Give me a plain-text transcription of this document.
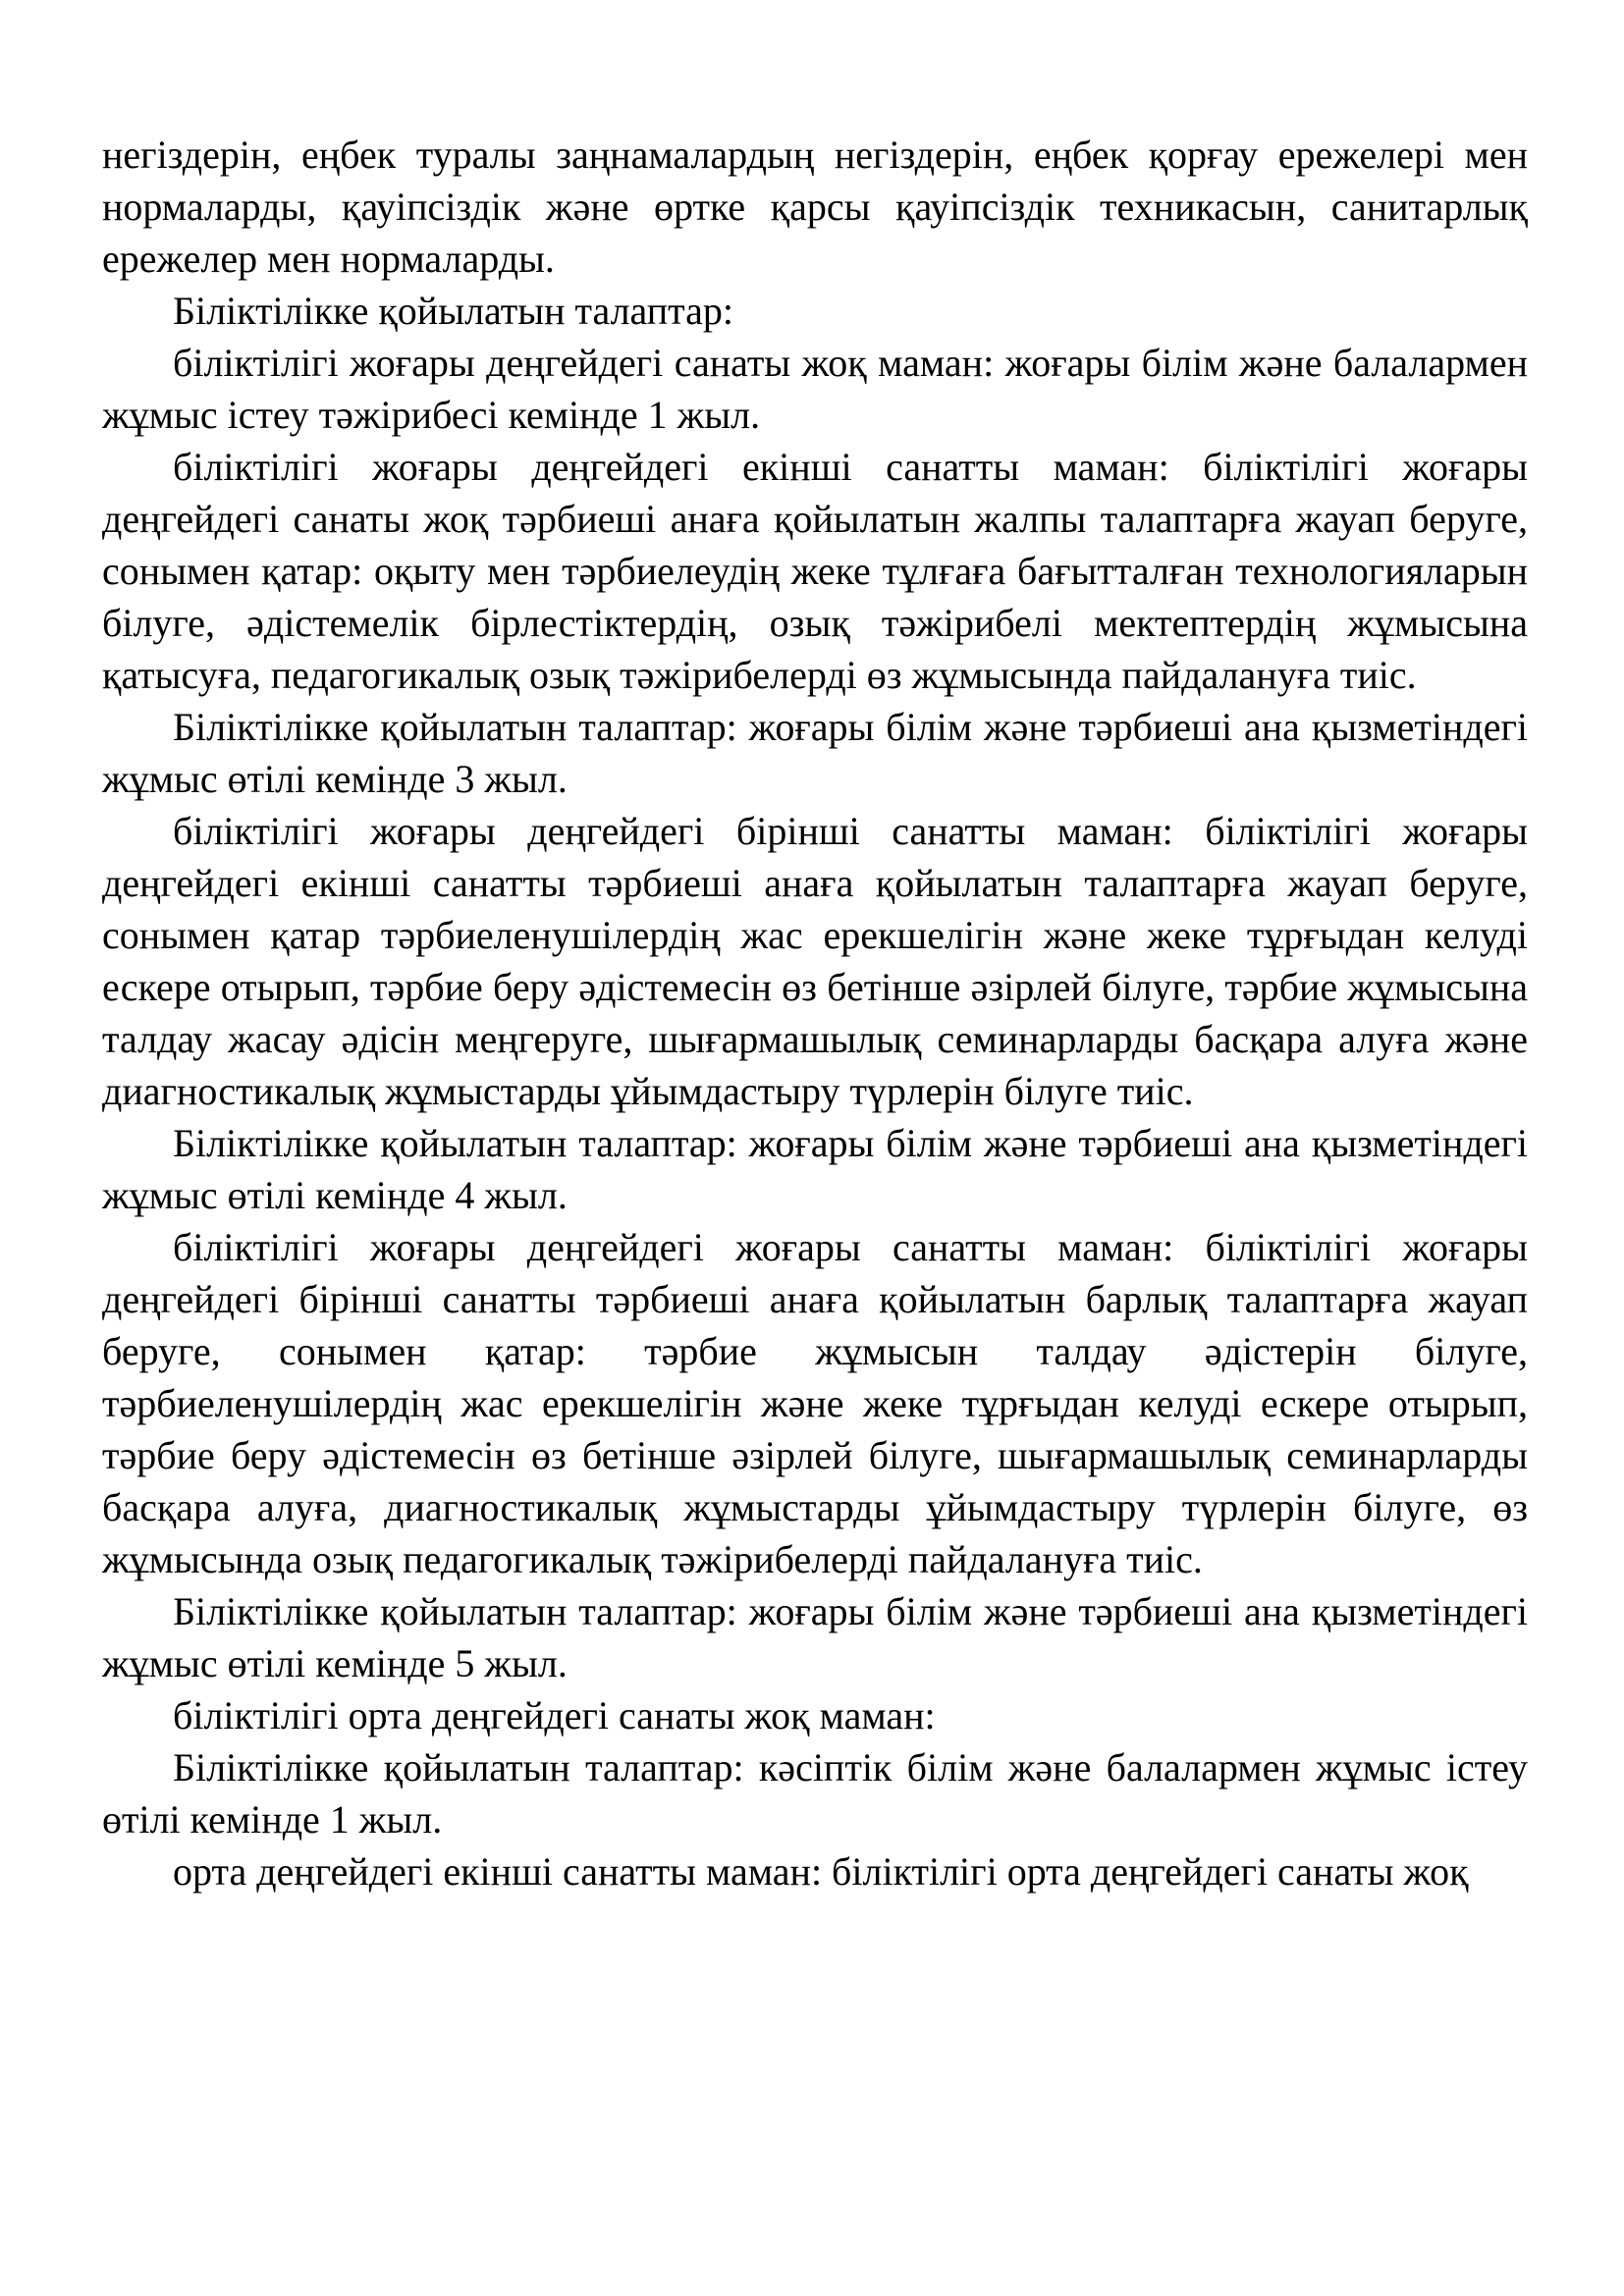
негіздерін, еңбек туралы заңнамалардың негіздерін, еңбек қорғау ережелері мен нормаларды, қауіпсіздік және өртке қарсы қауіпсіздік техникасын, санитарлық ережелер мен нормаларды.

Біліктілікке қойылатын талаптар:

біліктілігі жоғары деңгейдегі санаты жоқ маман: жоғары білім және балалармен жұмыс істеу тәжірибесі кемінде 1 жыл.

біліктілігі жоғары деңгейдегі екінші санатты маман: біліктілігі жоғары деңгейдегі санаты жоқ тәрбиеші анаға қойылатын жалпы талаптарға жауап беруге, сонымен қатар: оқыту мен тәрбиелеудің жеке тұлғаға бағытталған технологияларын білуге, әдістемелік бірлестіктердің, озық тәжірибелі мектептердің жұмысына қатысуға, педагогикалық озық тәжірибелерді өз жұмысында пайдалануға тиіс.

Біліктілікке қойылатын талаптар: жоғары білім және тәрбиеші ана қызметіндегі жұмыс өтілі кемінде 3 жыл.

біліктілігі жоғары деңгейдегі бірінші санатты маман: біліктілігі жоғары деңгейдегі екінші санатты тәрбиеші анаға қойылатын талаптарға жауап беруге, сонымен қатар тәрбиеленушілердің жас ерекшелігін және жеке тұрғыдан келуді ескере отырып, тәрбие беру әдістемесін өз бетінше әзірлей білуге, тәрбие жұмысына талдау жасау әдісін меңгеруге, шығармашылық семинарларды басқара алуға және диагностикалық жұмыстарды ұйымдастыру түрлерін білуге тиіс.

Біліктілікке қойылатын талаптар: жоғары білім және тәрбиеші ана қызметіндегі жұмыс өтілі кемінде 4 жыл.

біліктілігі жоғары деңгейдегі жоғары санатты маман: біліктілігі жоғары деңгейдегі бірінші санатты тәрбиеші анаға қойылатын барлық талаптарға жауап беруге, сонымен қатар: тәрбие жұмысын талдау әдістерін білуге, тәрбиеленушілердің жас ерекшелігін және жеке тұрғыдан келуді ескере отырып, тәрбие беру әдістемесін өз бетінше әзірлей білуге, шығармашылық семинарларды басқара алуға, диагностикалық жұмыстарды ұйымдастыру түрлерін білуге, өз жұмысында озық педагогикалық тәжірибелерді пайдалануға тиіс.

Біліктілікке қойылатын талаптар: жоғары білім және тәрбиеші ана қызметіндегі жұмыс өтілі кемінде 5 жыл.

біліктілігі орта деңгейдегі санаты жоқ маман:

Біліктілікке қойылатын талаптар: кәсіптік білім және балалармен жұмыс істеу өтілі кемінде 1 жыл.

орта деңгейдегі екінші санатты маман: біліктілігі орта деңгейдегі санаты жоқ
